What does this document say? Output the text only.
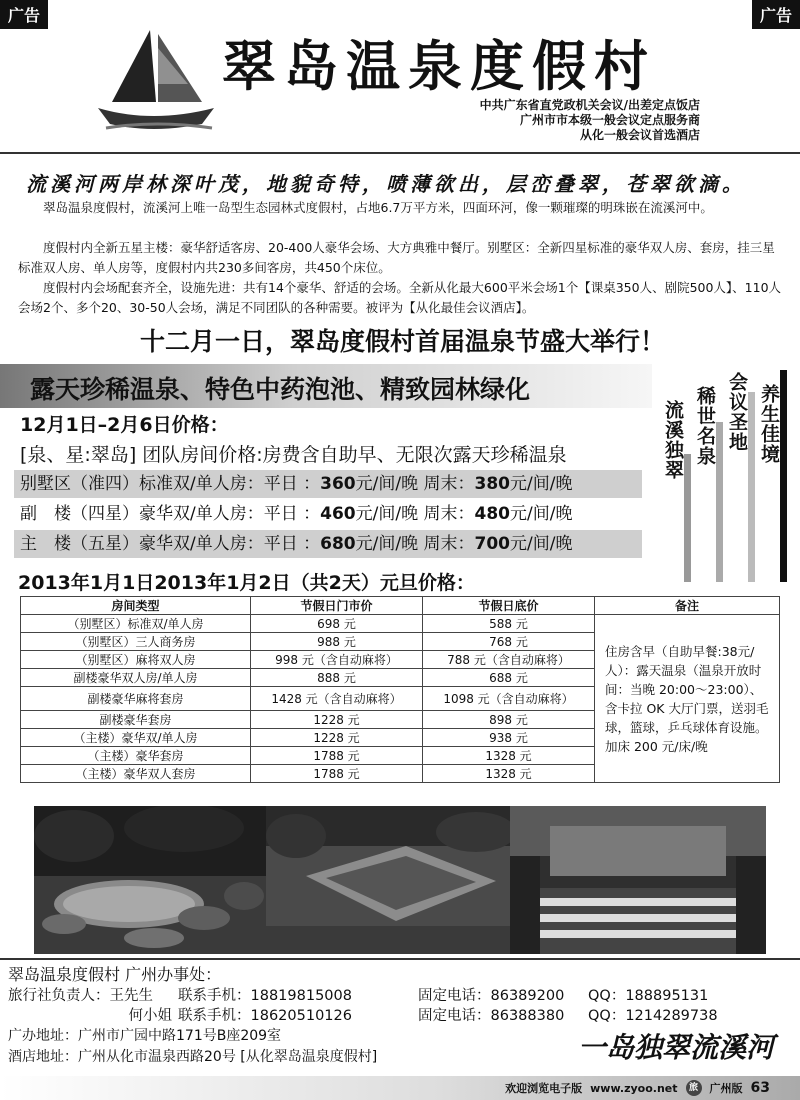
广告	广告
翠岛温泉度假村
中共广东省直党政机关会议/出差定点饭店
广州市市本级一般会议定点服务商
从化一般会议首选酒店
流溪河两岸林深叶茂，地貌奇特，喷薄欲出，层峦叠翠，苍翠欲滴。
翠岛温泉度假村，流溪河上唯一岛型生态园林式度假村，占地6.7万平方米，四面环河，像一颗璀璨的明珠嵌在流溪河中。
度假村内全新五星主楼：豪华舒适客房、20-400人豪华会场、大方典雅中餐厅。别墅区：全新四星标准的豪华双人房、套房，挂三星标准双人房、单人房等，度假村内共230多间客房，共450个床位。
度假村内会场配套齐全，设施先进：共有14个豪华、舒适的会场。全新从化最大600平米会场1个【课桌350人、剧院500人】、110人会场2个、多个20、30-50人会场，满足不同团队的各种需要。被评为【从化最佳会议酒店】。
十二月一日，翠岛度假村首届温泉节盛大举行！
露天珍稀温泉、特色中药泡池、精致园林绿化
流溪独翠 稀世名泉 会议圣地 养生佳境
12月1日–2月6日价格：
[泉、星:翠岛] 团队房间价格:房费含自助早、无限次露天珍稀温泉
别墅区（准四）标准双/单人房：平日 ：360元/间/晚 周末：380元/间/晚
副　楼（四星）豪华双/单人房：平日 ：460元/间/晚 周末：480元/间/晚
主　楼（五星）豪华双/单人房：平日 ：680元/间/晚 周末：700元/间/晚
2013年1月1日2013年1月2日（共2天）元旦价格：
房间类型	节假日门市价	节假日底价	备注
（别墅区）标准双/单人房	698 元	588 元	住房含早（自助早餐:38元/人）：露天温泉（温泉开放时间：当晚 20:00～23:00）、含卡拉 OK 大厅门票，送羽毛球，篮球，乒乓球体育设施。加床 200 元/床/晚
（别墅区）三人商务房	988 元	768 元	
（别墅区）麻将双人房	998 元（含自动麻将）	788 元（含自动麻将）	
副楼豪华双人房/单人房	888 元	688 元	
副楼豪华麻将套房	1428 元（含自动麻将）	1098 元（含自动麻将）	
副楼豪华套房	1228 元	898 元	
（主楼）豪华双/单人房	1228 元	938 元	
（主楼）豪华套房	1788 元	1328 元	
（主楼）豪华双人套房	1788 元	1328 元	
翠岛温泉度假村 广州办事处：
旅行社负责人：王先生 联系手机：18819815008	固定电话：86389200 QQ：188895131
何小姐 联系手机：18620510126	固定电话：86388380 QQ：1214289738
广办地址：广州市广园中路171号B座209室
酒店地址：广州从化市温泉西路20号 [从化翠岛温泉度假村]	一岛独翠流溪河
欢迎浏览电子版 www.zyoo.net	旅	广州版 63
